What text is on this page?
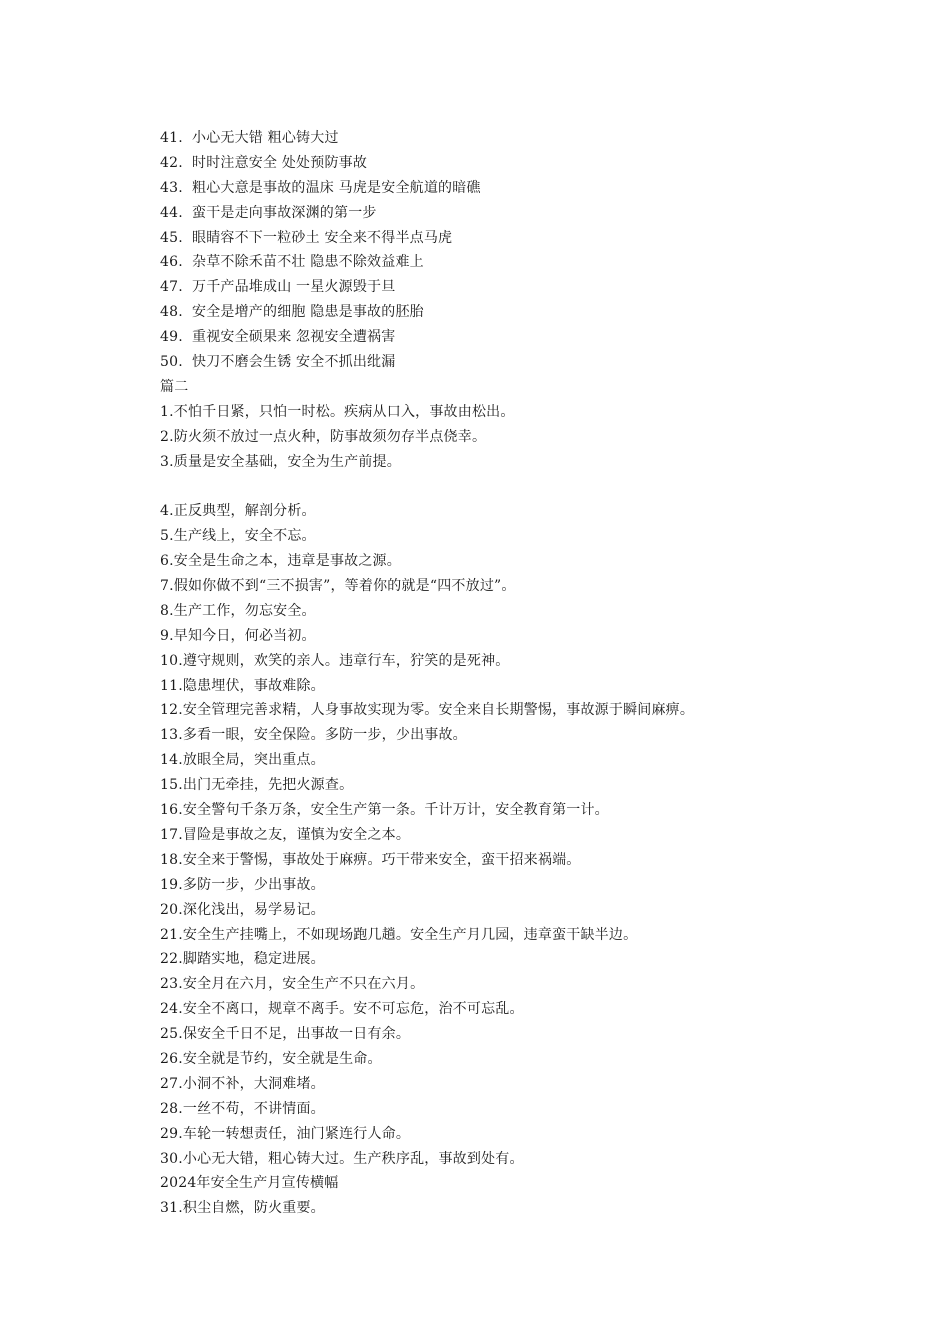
41. 小心无大错 粗心铸大过
42. 时时注意安全 处处预防事故
43. 粗心大意是事故的温床 马虎是安全航道的暗礁
44. 蛮干是走向事故深渊的第一步
45. 眼睛容不下一粒砂土 安全来不得半点马虎
46. 杂草不除禾苗不壮 隐患不除效益难上
47. 万千产品堆成山 一星火源毁于旦
48. 安全是增产的细胞 隐患是事故的胚胎
49. 重视安全硕果来 忽视安全遭祸害
50. 快刀不磨会生锈 安全不抓出纰漏
篇二
1.不怕千日紧，只怕一时松。疾病从口入，事故由松出。
2.防火须不放过一点火种，防事故须勿存半点侥幸。
3.质量是安全基础，安全为生产前提。
4.正反典型，解剖分析。
5.生产线上，安全不忘。
6.安全是生命之本，违章是事故之源。
7.假如你做不到“三不损害”，等着你的就是“四不放过”。
8.生产工作，勿忘安全。
9.早知今日，何必当初。
10.遵守规则，欢笑的亲人。违章行车，狞笑的是死神。
11.隐患埋伏，事故难除。
12.安全管理完善求精，人身事故实现为零。安全来自长期警惕，事故源于瞬间麻痹。
13.多看一眼，安全保险。多防一步，少出事故。
14.放眼全局，突出重点。
15.出门无牵挂，先把火源查。
16.安全警句千条万条，安全生产第一条。千计万计，安全教育第一计。
17.冒险是事故之友，谨慎为安全之本。
18.安全来于警惕，事故处于麻痹。巧干带来安全，蛮干招来祸端。
19.多防一步，少出事故。
20.深化浅出，易学易记。
21.安全生产挂嘴上，不如现场跑几趟。安全生产月几园，违章蛮干缺半边。
22.脚踏实地，稳定进展。
23.安全月在六月，安全生产不只在六月。
24.安全不离口，规章不离手。安不可忘危，治不可忘乱。
25.保安全千日不足，出事故一日有余。
26.安全就是节约，安全就是生命。
27.小洞不补，大洞难堵。
28.一丝不苟，不讲情面。
29.车轮一转想责任，油门紧连行人命。
30.小心无大错，粗心铸大过。生产秩序乱，事故到处有。
2024年安全生产月宣传横幅
31.积尘自燃，防火重要。
